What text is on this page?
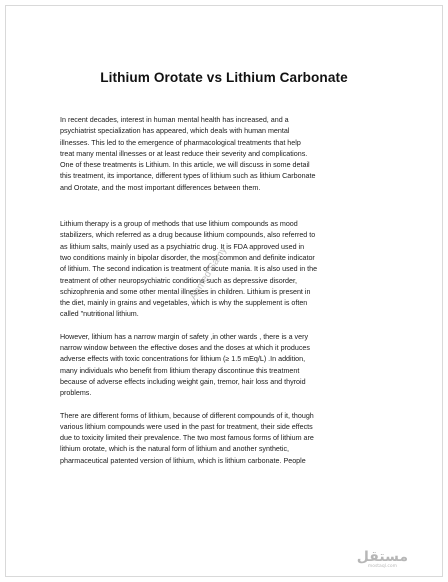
Lithium Orotate vs Lithium Carbonate

In recent decades, interest in human mental health has increased, and a

psychiatrist specialization has appeared, which deals with human mental

illnesses. This led to the emergence of pharmacological treatments that help

treat many mental illnesses or at least reduce their severity and complications.

One of these treatments is Lithium. In this article, we will discuss in some detail

this treatment, its importance, different types of lithium such as lithium Carbonate

and Orotate, and the most important differences between them.

Lithium therapy is a group of methods that use lithium compounds as mood

stabilizers, which referred as a drug because lithium compounds, also referred to

as lithium salts, mainly used as a psychiatric drug. It is FDA approved used in

two conditions mainly in bipolar disorder, the most common and definite indicator

of lithium. The second indication is treatment of acute mania. It is also used in the

treatment of other neuropsychiatric conditions such as depressive disorder,

schizophrenia and some other mental illnesses in children. Lithium is present in

the diet, mainly in grains and vegetables, which is why the supplement is often

called "nutritional lithium.

However, lithium has a narrow margin of safety ,in other wards , there is a very

narrow window between the effective doses and the doses at which it produces

adverse effects with toxic concentrations for lithium (≥ 1.5 mEq/L) .In addition,

many individuals who benefit from lithium therapy discontinue this treatment

because of adverse effects including weight gain, tremor, hair loss and thyroid

problems.

There are different forms of lithium, because of different compounds of it, though

various lithium compounds were used in the past for treatment, their side effects

due to toxicity limited their prevalence. The two most famous forms of lithium are

lithium orotate, which is the natural form of lithium and another synthetic,

pharmaceutical patented version of lithium, which is lithium carbonate. People

Ahmed Samy
مستقل
mostaql.com
